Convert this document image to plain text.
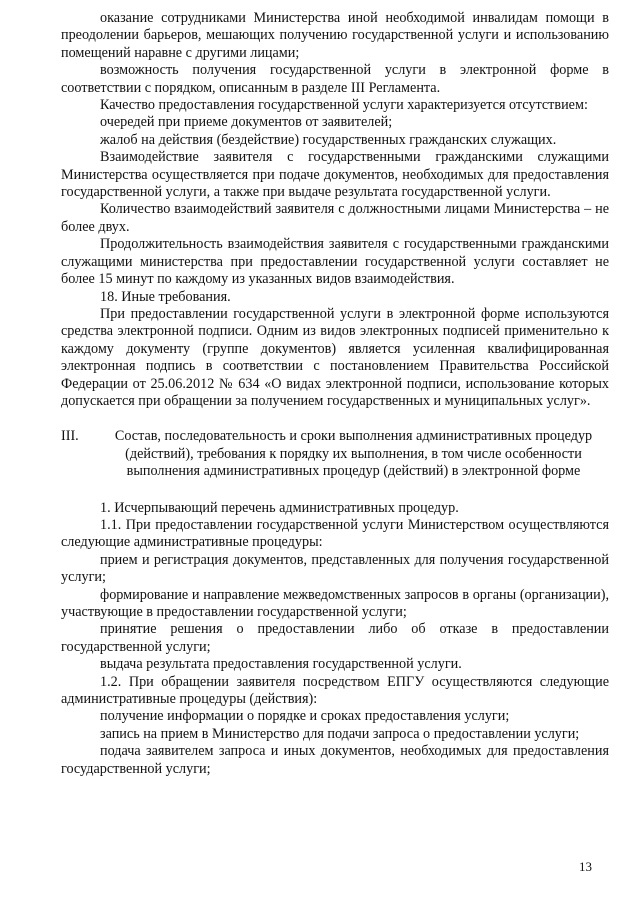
оказание сотрудниками Министерства иной необходимой инвалидам помощи в преодолении барьеров, мешающих получению государственной услуги и использованию помещений наравне с другими лицами;

возможность получения государственной услуги в электронной форме в соответствии с порядком, описанным в разделе III Регламента.

Качество предоставления государственной услуги характеризуется отсутствием:

очередей при приеме документов от заявителей;

жалоб на действия (бездействие) государственных гражданских служащих.

Взаимодействие заявителя с государственными гражданскими служащими Министерства осуществляется при подаче документов, необходимых для предоставления государственной услуги, а также при выдаче результата государственной услуги.

Количество взаимодействий заявителя с должностными лицами Министерства – не более двух.

Продолжительность взаимодействия заявителя с государственными гражданскими служащими министерства при предоставлении государственной услуги составляет не более 15 минут по каждому из указанных видов взаимодействия.

18. Иные требования.

При предоставлении государственной услуги в электронной форме используются средства электронной подписи. Одним из видов электронных подписей применительно к каждому документу (группе документов) является усиленная квалифицированная электронная подпись в соответствии с постановлением Правительства Российской Федерации от 25.06.2012 № 634 «О видах электронной подписи, использование которых допускается при обращении за получением государственных и муниципальных услуг».

III.	Состав, последовательность и сроки выполнения административных процедур (действий), требования к порядку их выполнения, в том числе особенности выполнения административных процедур (действий) в электронной форме

1. Исчерпывающий перечень административных процедур.

1.1. При предоставлении государственной услуги Министерством осуществляются следующие административные процедуры:

прием и регистрация документов, представленных для получения государственной услуги;

формирование и направление межведомственных запросов в органы (организации), участвующие в предоставлении государственной услуги;

принятие решения о предоставлении либо об отказе в предоставлении государственной услуги;

выдача результата предоставления государственной услуги.

1.2. При обращении заявителя посредством ЕПГУ осуществляются следующие административные процедуры (действия):

получение информации о порядке и сроках предоставления услуги;

запись на прием в Министерство для подачи запроса о предоставлении услуги;

подача заявителем запроса и иных документов, необходимых для предоставления государственной услуги;

13
